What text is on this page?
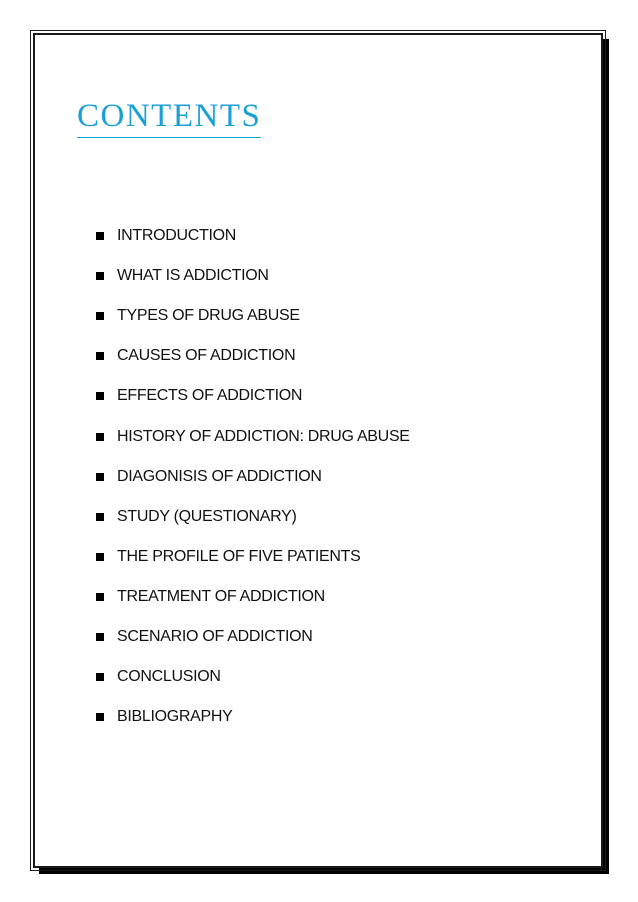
CONTENTS
INTRODUCTION
WHAT IS ADDICTION
TYPES OF DRUG ABUSE
CAUSES OF ADDICTION
EFFECTS OF ADDICTION
HISTORY OF ADDICTION: DRUG ABUSE
DIAGONISIS OF ADDICTION
STUDY (QUESTIONARY)
THE PROFILE OF FIVE PATIENTS
TREATMENT OF ADDICTION
SCENARIO OF ADDICTION
CONCLUSION
BIBLIOGRAPHY
